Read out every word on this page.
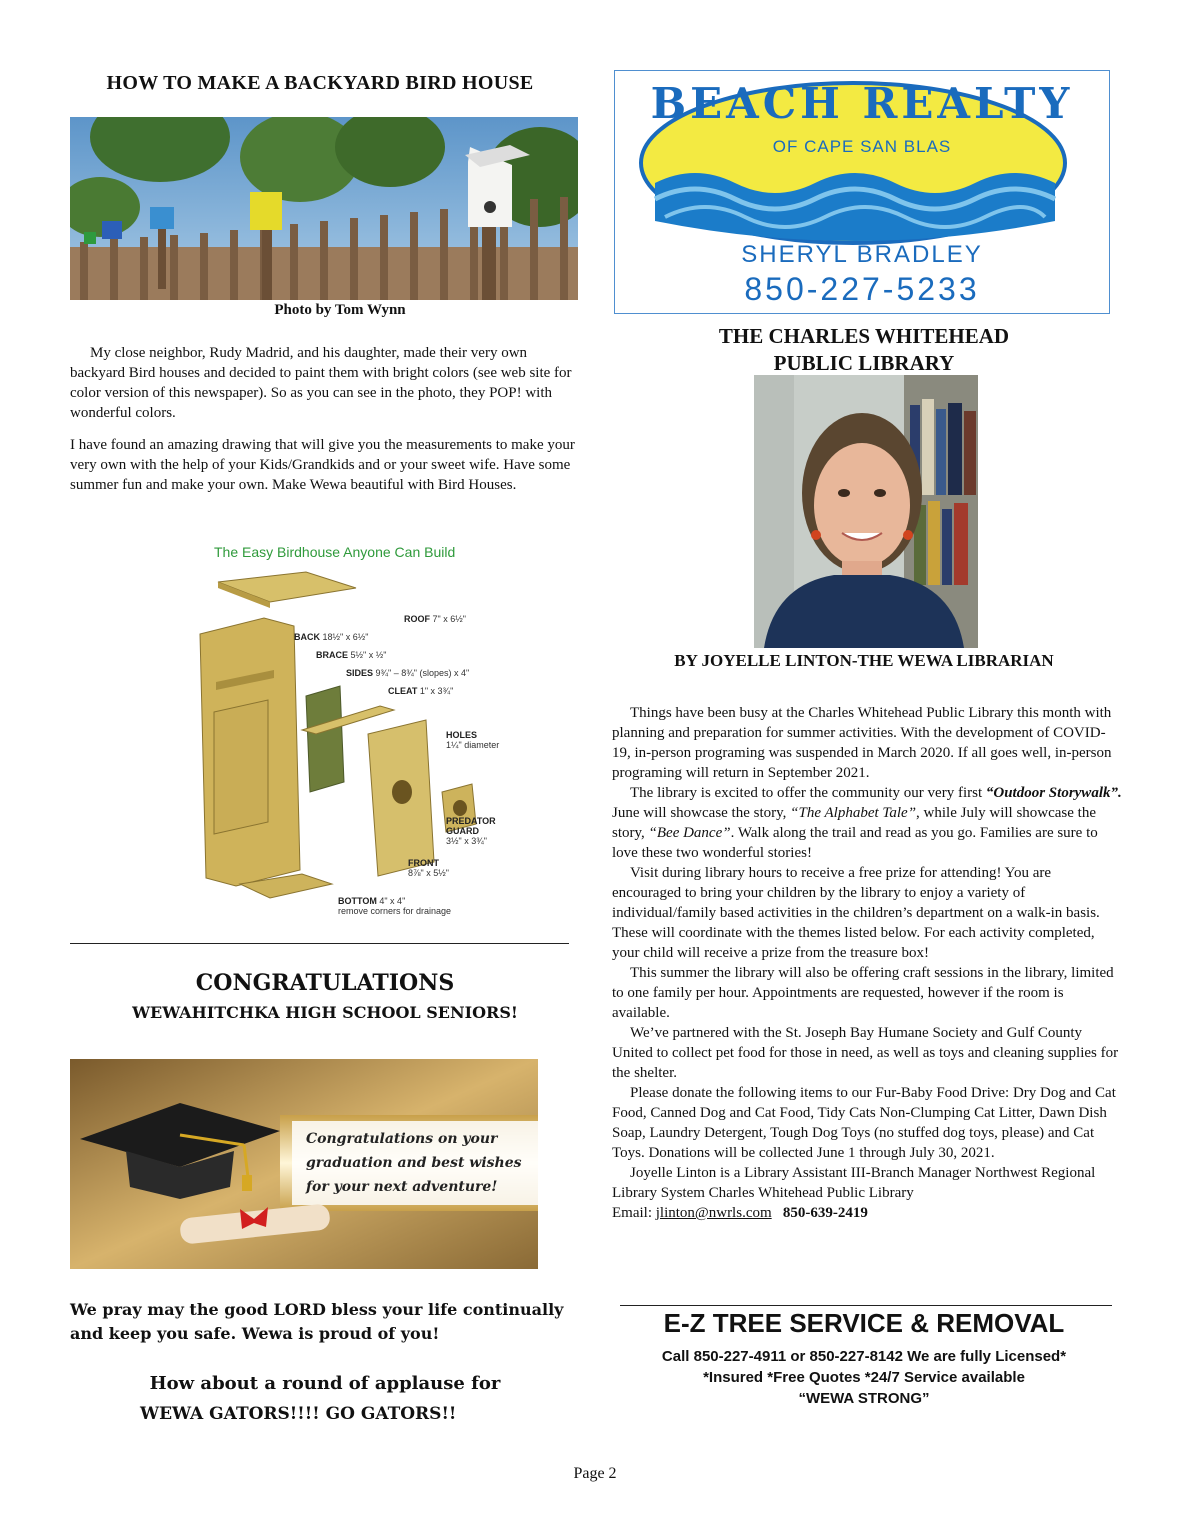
HOW TO MAKE A BACKYARD BIRD HOUSE
Photo by Tom Wynn

My close neighbor, Rudy Madrid, and his daughter, made their very own backyard Bird houses and decided to paint them with bright colors (see web site for color version of this newspaper). So as you can see in the photo, they POP! with wonderful colors.

I have found an amazing drawing that will give you the measurements to make your very own with the help of your Kids/Grandkids and or your sweet wife. Have some summer fun and make your own. Make Wewa beautiful with Bird Houses.

The Easy Birdhouse Anyone Can Build
ROOF 7" x 6½"
BACK 18½" x 6½"
BRACE 5½" x ½"
SIDES 9¾" – 8¾" (slopes) x 4"
CLEAT 1" x 3¾"
HOLES
1¼" diameter
PREDATOR
GUARD
3½" x 3¾"
FRONT
8⅞" x 5½"
BOTTOM 4" x 4"
remove corners for drainage
CONGRATULATIONS
WEWAHITCHKA HIGH SCHOOL SENIORS!
Congratulations on your
graduation and best wishes
for your next adventure!
We pray may the good LORD bless your life continually and keep you safe. Wewa is proud of you!
How about a round of applause for
WEWA GATORS!!!! GO GATORS!!
BEACH REALTY
OF CAPE SAN BLAS
SHERYL BRADLEY
850-227-5233
THE CHARLES WHITEHEAD
PUBLIC LIBRARY
BY JOYELLE LINTON-THE WEWA LIBRARIAN

Things have been busy at the Charles Whitehead Public Library this month with planning and preparation for summer activities. With the development of COVID-19, in-person programing was suspended in March 2020. If all goes well, in-person programing will return in September 2021.

The library is excited to offer the community our very first “Outdoor Storywalk”. June will showcase the story, “The Alphabet Tale”, while July will showcase the story, “Bee Dance”. Walk along the trail and read as you go. Families are sure to love these two wonderful stories!

Visit during library hours to receive a free prize for attending! You are encouraged to bring your children by the library to enjoy a variety of individual/family based activities in the children’s department on a walk-in basis. These will coordinate with the themes listed below. For each activity completed, your child will receive a prize from the treasure box!

This summer the library will also be offering craft sessions in the library, limited to one family per hour. Appointments are requested, however if the room is available.

We’ve partnered with the St. Joseph Bay Humane Society and Gulf County United to collect pet food for those in need, as well as toys and cleaning supplies for the shelter.

Please donate the following items to our Fur-Baby Food Drive: Dry Dog and Cat Food, Canned Dog and Cat Food, Tidy Cats Non-Clumping Cat Litter, Dawn Dish Soap, Laundry Detergent, Tough Dog Toys (no stuffed dog toys, please) and Cat Toys. Donations will be collected June 1 through July 30, 2021.

Joyelle Linton is a Library Assistant III-Branch Manager Northwest Regional Library System Charles Whitehead Public Library

Email: jlinton@nwrls.com   850-639-2419
E-Z TREE SERVICE & REMOVAL
Call 850-227-4911 or 850-227-8142 We are fully Licensed*
*Insured *Free Quotes *24/7 Service available
“WEWA STRONG”
Page 2
